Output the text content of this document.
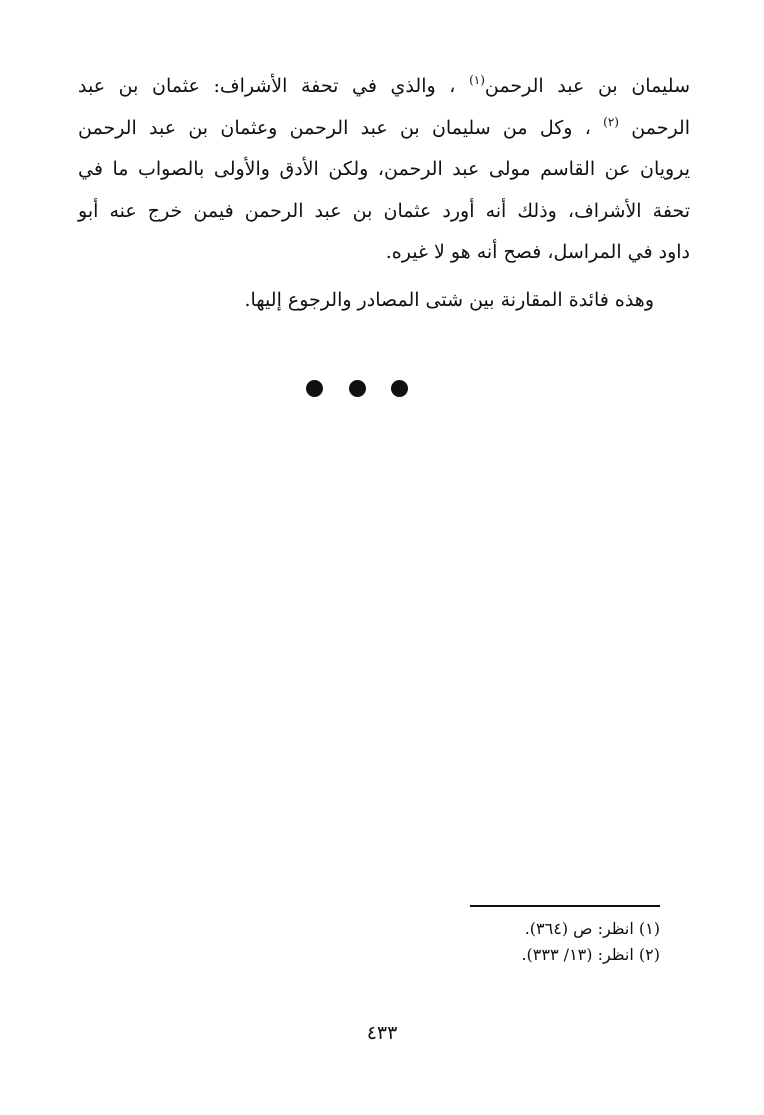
سليمان بن عبد الرحمن$^{(١)}$ ، والذي في تحفة الأشراف: عثمان بن عبد
الرحمن $^{(٢)}$ ، وكل من سليمان بن عبد الرحمن وعثمان بن عبد الرحمن
يرويان عن القاسم مولى عبد الرحمن، ولكن الأدق والأولى بالصواب ما في
تحفة الأشراف، وذلك أنه أورد عثمان بن عبد الرحمن فيمن خرج عنه أبو
داود في المراسل، فصح أنه هو لا غيره.
وهذه فائدة المقارنة بين شتى المصادر والرجوع إليها.
(١) انظر: ص (٣٦٤).
(٢) انظر: (١٣/ ٣٣٣).
٤٣٣
